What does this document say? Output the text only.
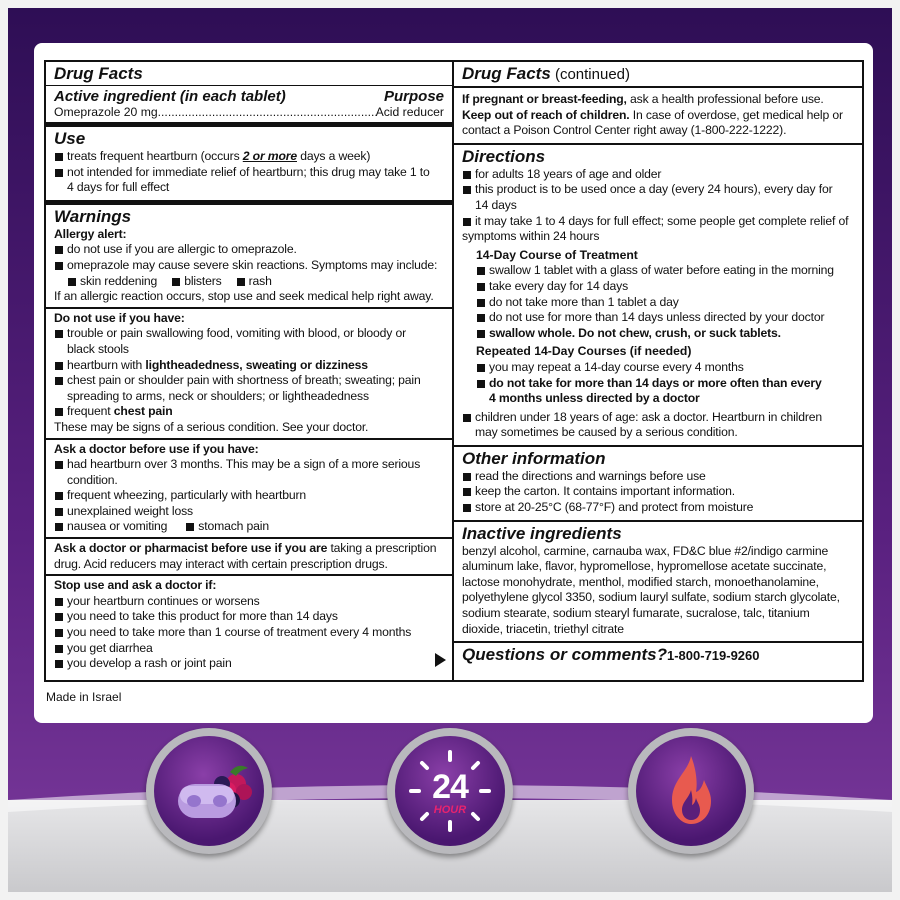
Drug Facts
Active ingredient (in each tablet)	Purpose
Omeprazole 20 mg
.....	Acid reducer
Use
treats frequent heartburn (occurs 2 or more days a week)
not intended for immediate relief of heartburn; this drug may take 1 to
4 days for full effect
Warnings
Allergy alert:
do not use if you are allergic to omeprazole.
omeprazole may cause severe skin reactions. Symptoms may include:
skin reddening blisters rash
If an allergic reaction occurs, stop use and seek medical help right away.
Do not use if you have:
trouble or pain swallowing food, vomiting with blood, or bloody or
black stools
heartburn with lightheadedness, sweating or dizziness
chest pain or shoulder pain with shortness of breath; sweating; pain
spreading to arms, neck or shoulders; or lightheadedness
frequent chest pain
These may be signs of a serious condition. See your doctor.
Ask a doctor before use if you have:
had heartburn over 3 months. This may be a sign of a more serious condition.
frequent wheezing, particularly with heartburn
unexplained weight loss
nausea or vomiting	stomach pain
Ask a doctor or pharmacist before use if you are taking a prescription
drug. Acid reducers may interact with certain prescription drugs.
Stop use and ask a doctor if:
your heartburn continues or worsens
you need to take this product for more than 14 days
you need to take more than 1 course of treatment every 4 months
you get diarrhea
you develop a rash or joint pain
Drug Facts (continued)
If pregnant or breast-feeding, ask a health professional before use.
Keep out of reach of children. In case of overdose, get medical help or
contact a Poison Control Center right away (1-800-222-1222).
Directions
for adults 18 years of age and older
this product is to be used once a day (every 24 hours), every day for
14 days
it may take 1 to 4 days for full effect; some people get complete relief of
symptoms within 24 hours
14-Day Course of Treatment
swallow 1 tablet with a glass of water before eating in the morning
take every day for 14 days
do not take more than 1 tablet a day
do not use for more than 14 days unless directed by your doctor
swallow whole. Do not chew, crush, or suck tablets.
Repeated 14-Day Courses (if needed)
you may repeat a 14-day course every 4 months
do not take for more than 14 days or more often than every
4 months unless directed by a doctor
children under 18 years of age: ask a doctor. Heartburn in children
may sometimes be caused by a serious condition.
Other information
read the directions and warnings before use
keep the carton. It contains important information.
store at 20-25°C (68-77°F) and protect from moisture
Inactive ingredients
benzyl alcohol, carmine, carnauba wax, FD&C blue #2/indigo carmine
aluminum lake, flavor, hypromellose, hypromellose acetate succinate,
lactose monohydrate, menthol, modified starch, monoethanolamine,
polyethylene glycol 3350, sodium lauryl sulfate, sodium starch glycolate,
sodium stearate, sodium stearyl fumarate, sucralose, talc, titanium
dioxide, triacetin, triethyl citrate
Questions or comments?1-800-719-9260
Made in Israel
24
HOUR
